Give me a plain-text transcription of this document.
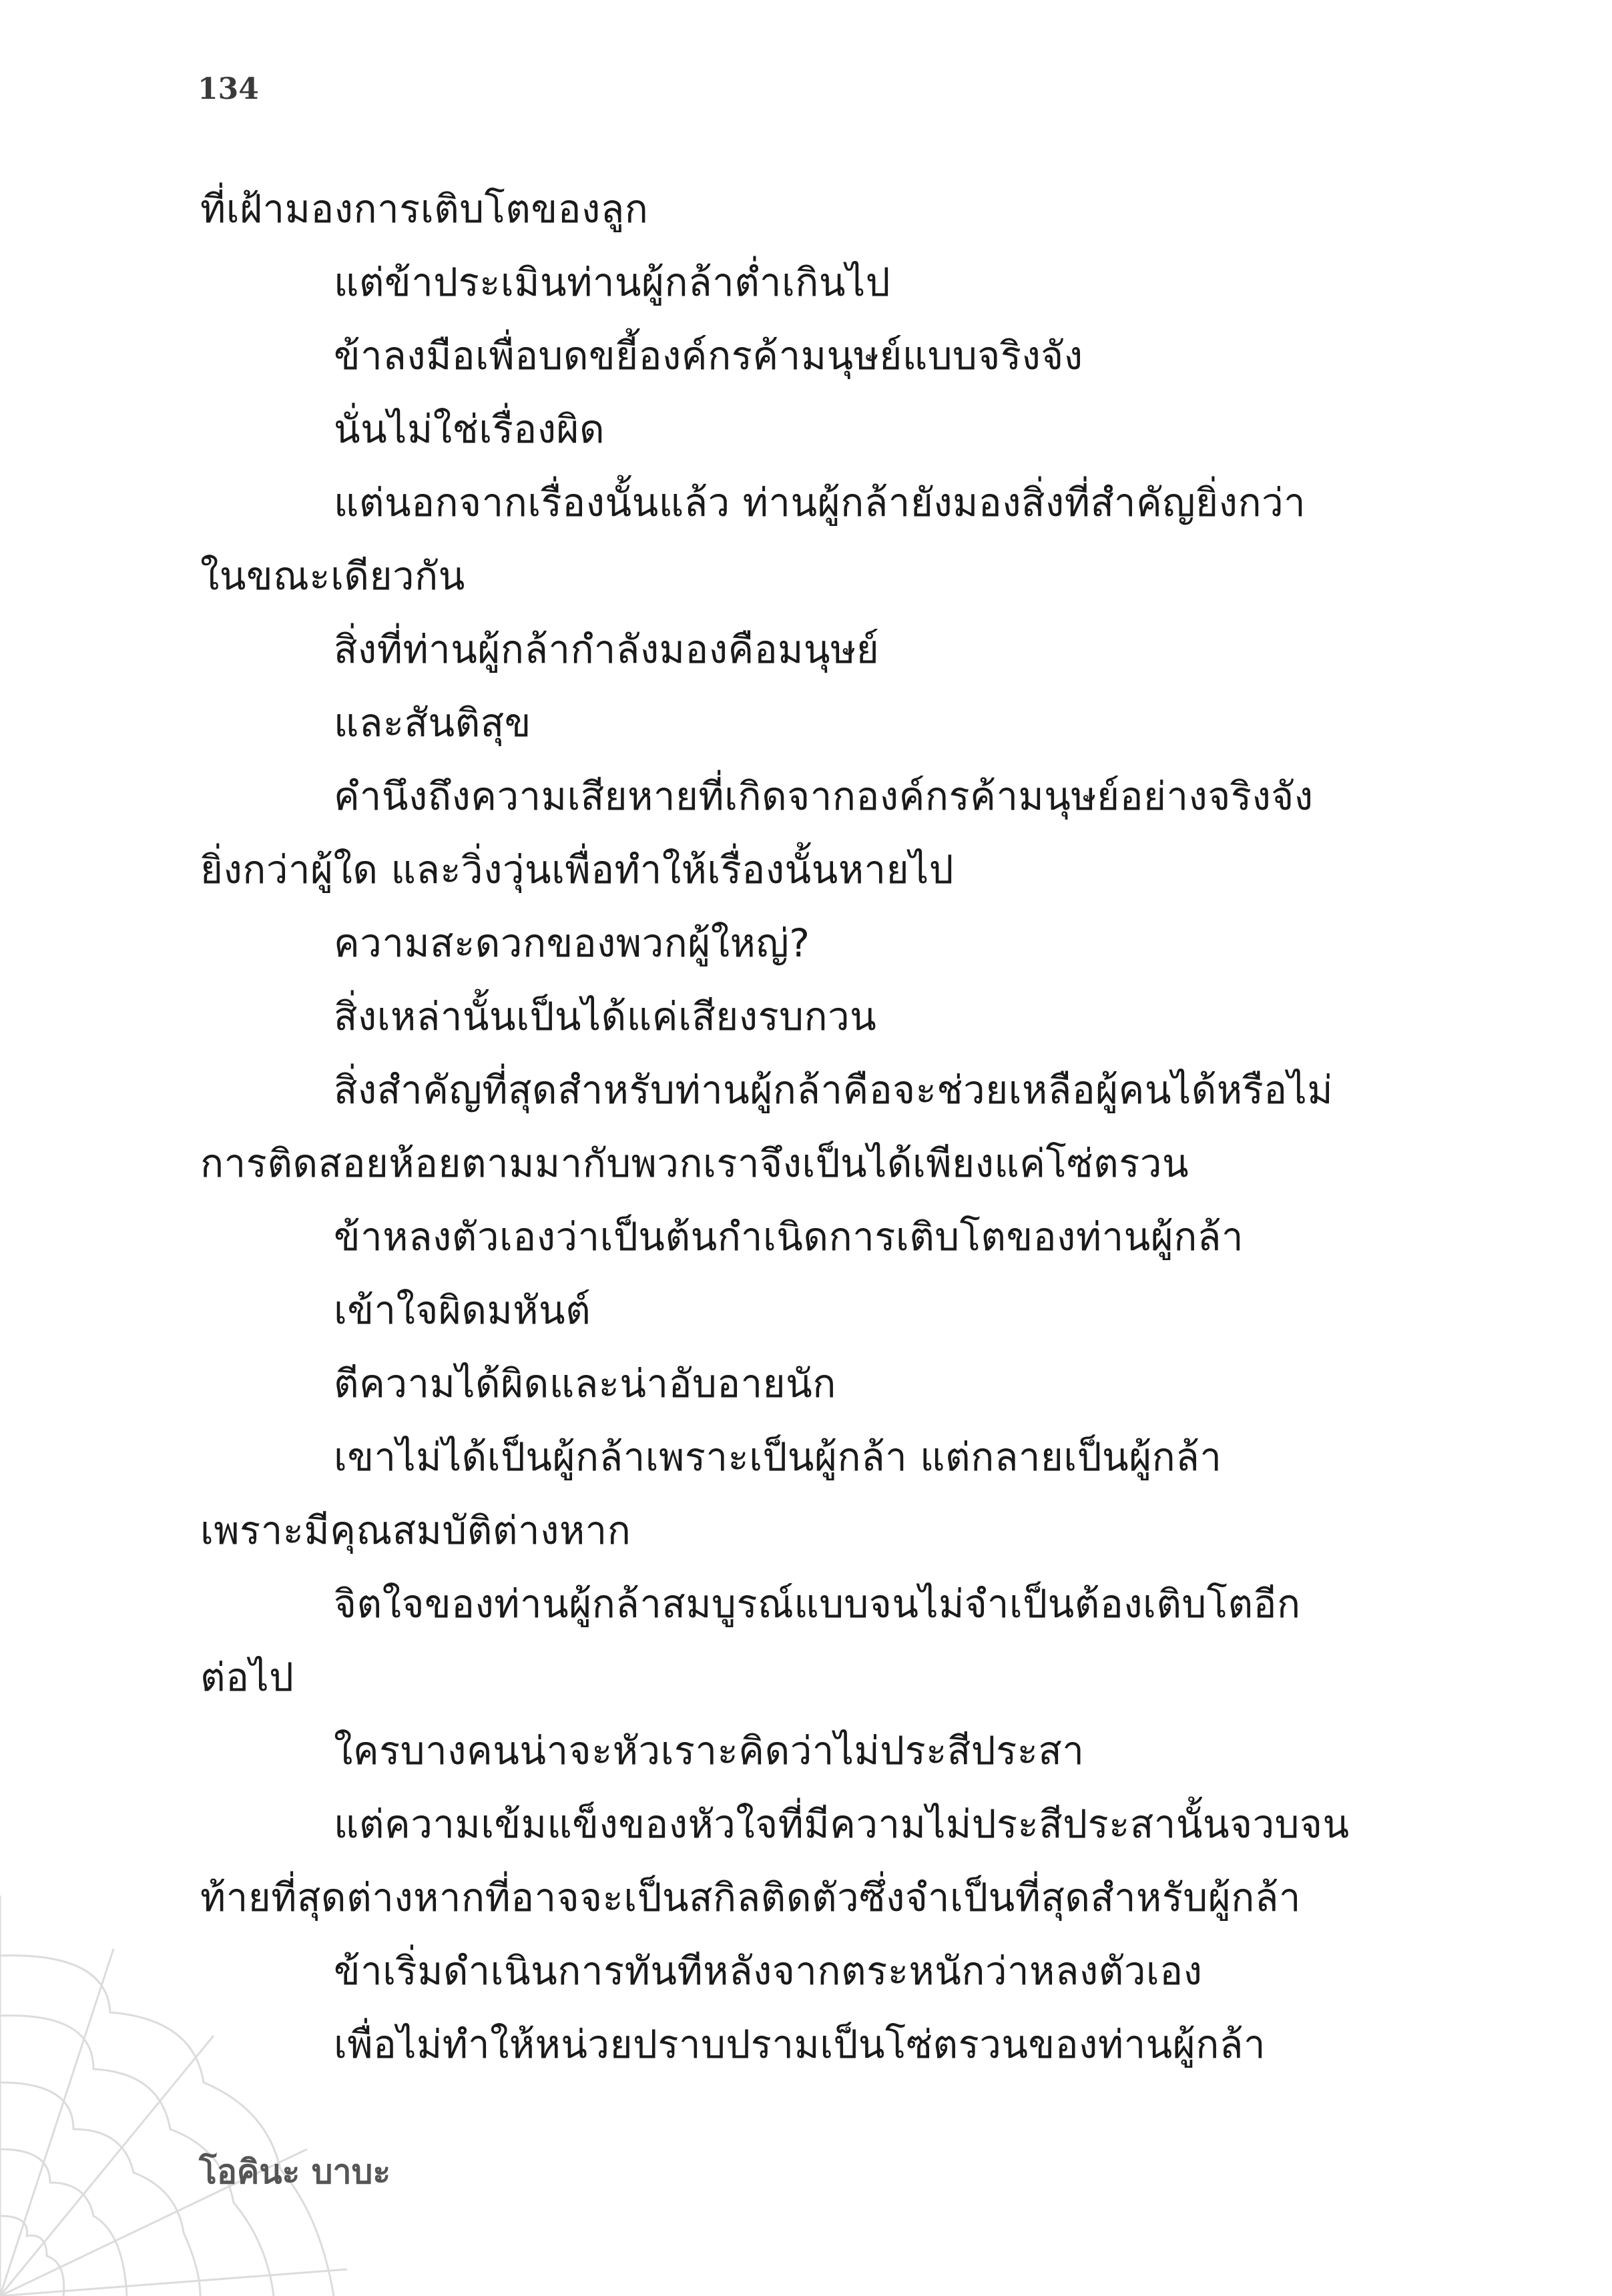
134
ที่เฝ้ามองการเติบโตของลูก
แต่ข้าประเมินท่านผู้กล้าต่ำเกินไป
ข้าลงมือเพื่อบดขยี้องค์กรค้ามนุษย์แบบจริงจัง
นั่นไม่ใช่เรื่องผิด
แต่นอกจากเรื่องนั้นแล้ว ท่านผู้กล้ายังมองสิ่งที่สำคัญยิ่งกว่า
ในขณะเดียวกัน
สิ่งที่ท่านผู้กล้ากำลังมองคือมนุษย์
และสันติสุข
คำนึงถึงความเสียหายที่เกิดจากองค์กรค้ามนุษย์อย่างจริงจัง
ยิ่งกว่าผู้ใด และวิ่งวุ่นเพื่อทำให้เรื่องนั้นหายไป
ความสะดวกของพวกผู้ใหญ่?
สิ่งเหล่านั้นเป็นได้แค่เสียงรบกวน
สิ่งสำคัญที่สุดสำหรับท่านผู้กล้าคือจะช่วยเหลือผู้คนได้หรือไม่
การติดสอยห้อยตามมากับพวกเราจึงเป็นได้เพียงแค่โซ่ตรวน
ข้าหลงตัวเองว่าเป็นต้นกำเนิดการเติบโตของท่านผู้กล้า
เข้าใจผิดมหันต์
ตีความได้ผิดและน่าอับอายนัก
เขาไม่ได้เป็นผู้กล้าเพราะเป็นผู้กล้า แต่กลายเป็นผู้กล้า
เพราะมีคุณสมบัติต่างหาก
จิตใจของท่านผู้กล้าสมบูรณ์แบบจนไม่จำเป็นต้องเติบโตอีก
ต่อไป
ใครบางคนน่าจะหัวเราะคิดว่าไม่ประสีประสา
แต่ความเข้มแข็งของหัวใจที่มีความไม่ประสีประสานั้นจวบจน
ท้ายที่สุดต่างหากที่อาจจะเป็นสกิลติดตัวซึ่งจำเป็นที่สุดสำหรับผู้กล้า
ข้าเริ่มดำเนินการทันทีหลังจากตระหนักว่าหลงตัวเอง
เพื่อไม่ทำให้หน่วยปราบปรามเป็นโซ่ตรวนของท่านผู้กล้า
โอคินะ บาบะ
